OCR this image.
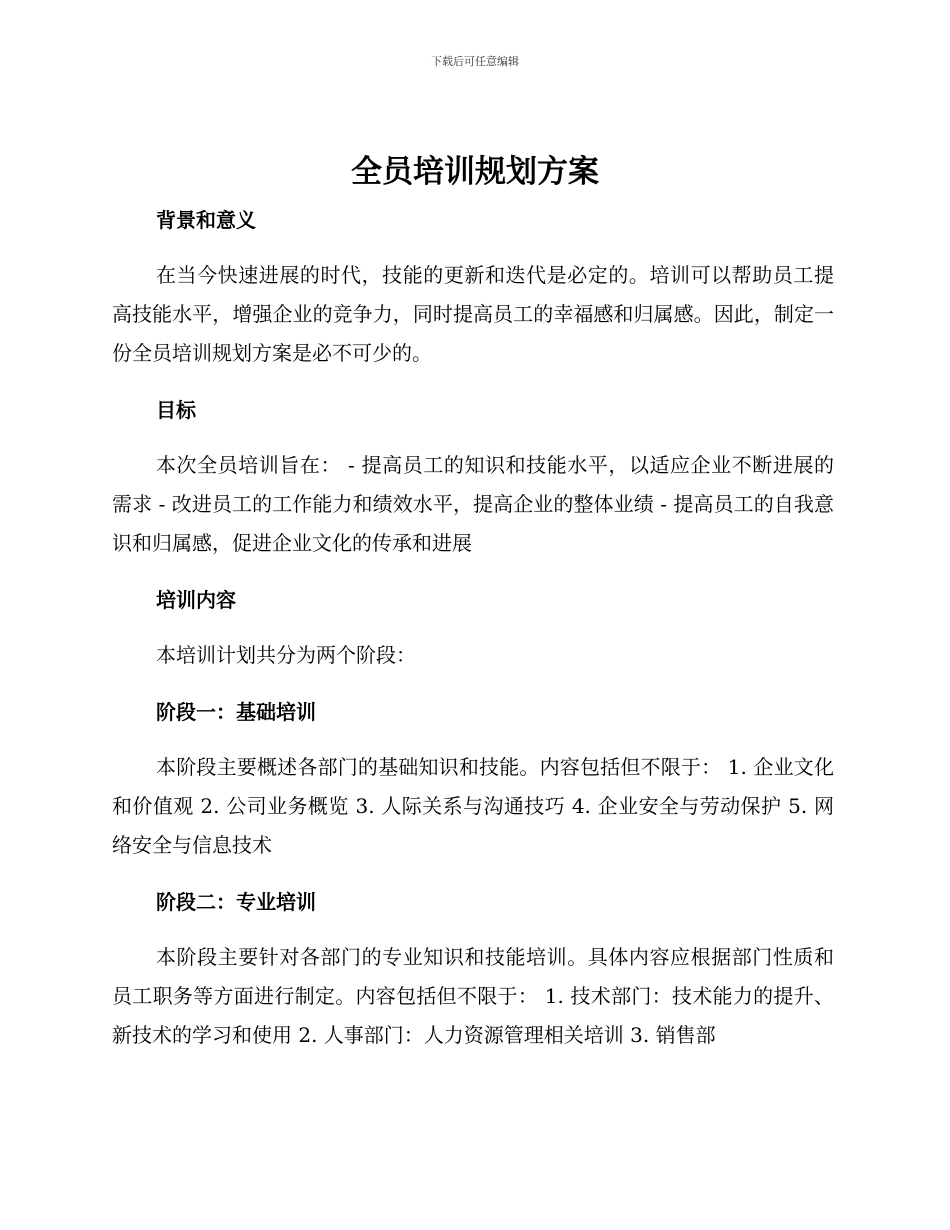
下载后可任意编辑
全员培训规划方案
背景和意义

在当今快速进展的时代，技能的更新和迭代是必定的。培训可以帮助员工提高技能水平，增强企业的竞争力，同时提高员工的幸福感和归属感。因此，制定一份全员培训规划方案是必不可少的。

目标

本次全员培训旨在： - 提高员工的知识和技能水平，以适应企业不断进展的需求 - 改进员工的工作能力和绩效水平，提高企业的整体业绩 - 提高员工的自我意识和归属感，促进企业文化的传承和进展

培训内容

本培训计划共分为两个阶段：

阶段一：基础培训

本阶段主要概述各部门的基础知识和技能。内容包括但不限于： 1. 企业文化和价值观 2. 公司业务概览 3. 人际关系与沟通技巧 4. 企业安全与劳动保护 5. 网络安全与信息技术

阶段二：专业培训

本阶段主要针对各部门的专业知识和技能培训。具体内容应根据部门性质和员工职务等方面进行制定。内容包括但不限于： 1. 技术部门：技术能力的提升、新技术的学习和使用 2. 人事部门：人力资源管理相关培训 3. 销售部
